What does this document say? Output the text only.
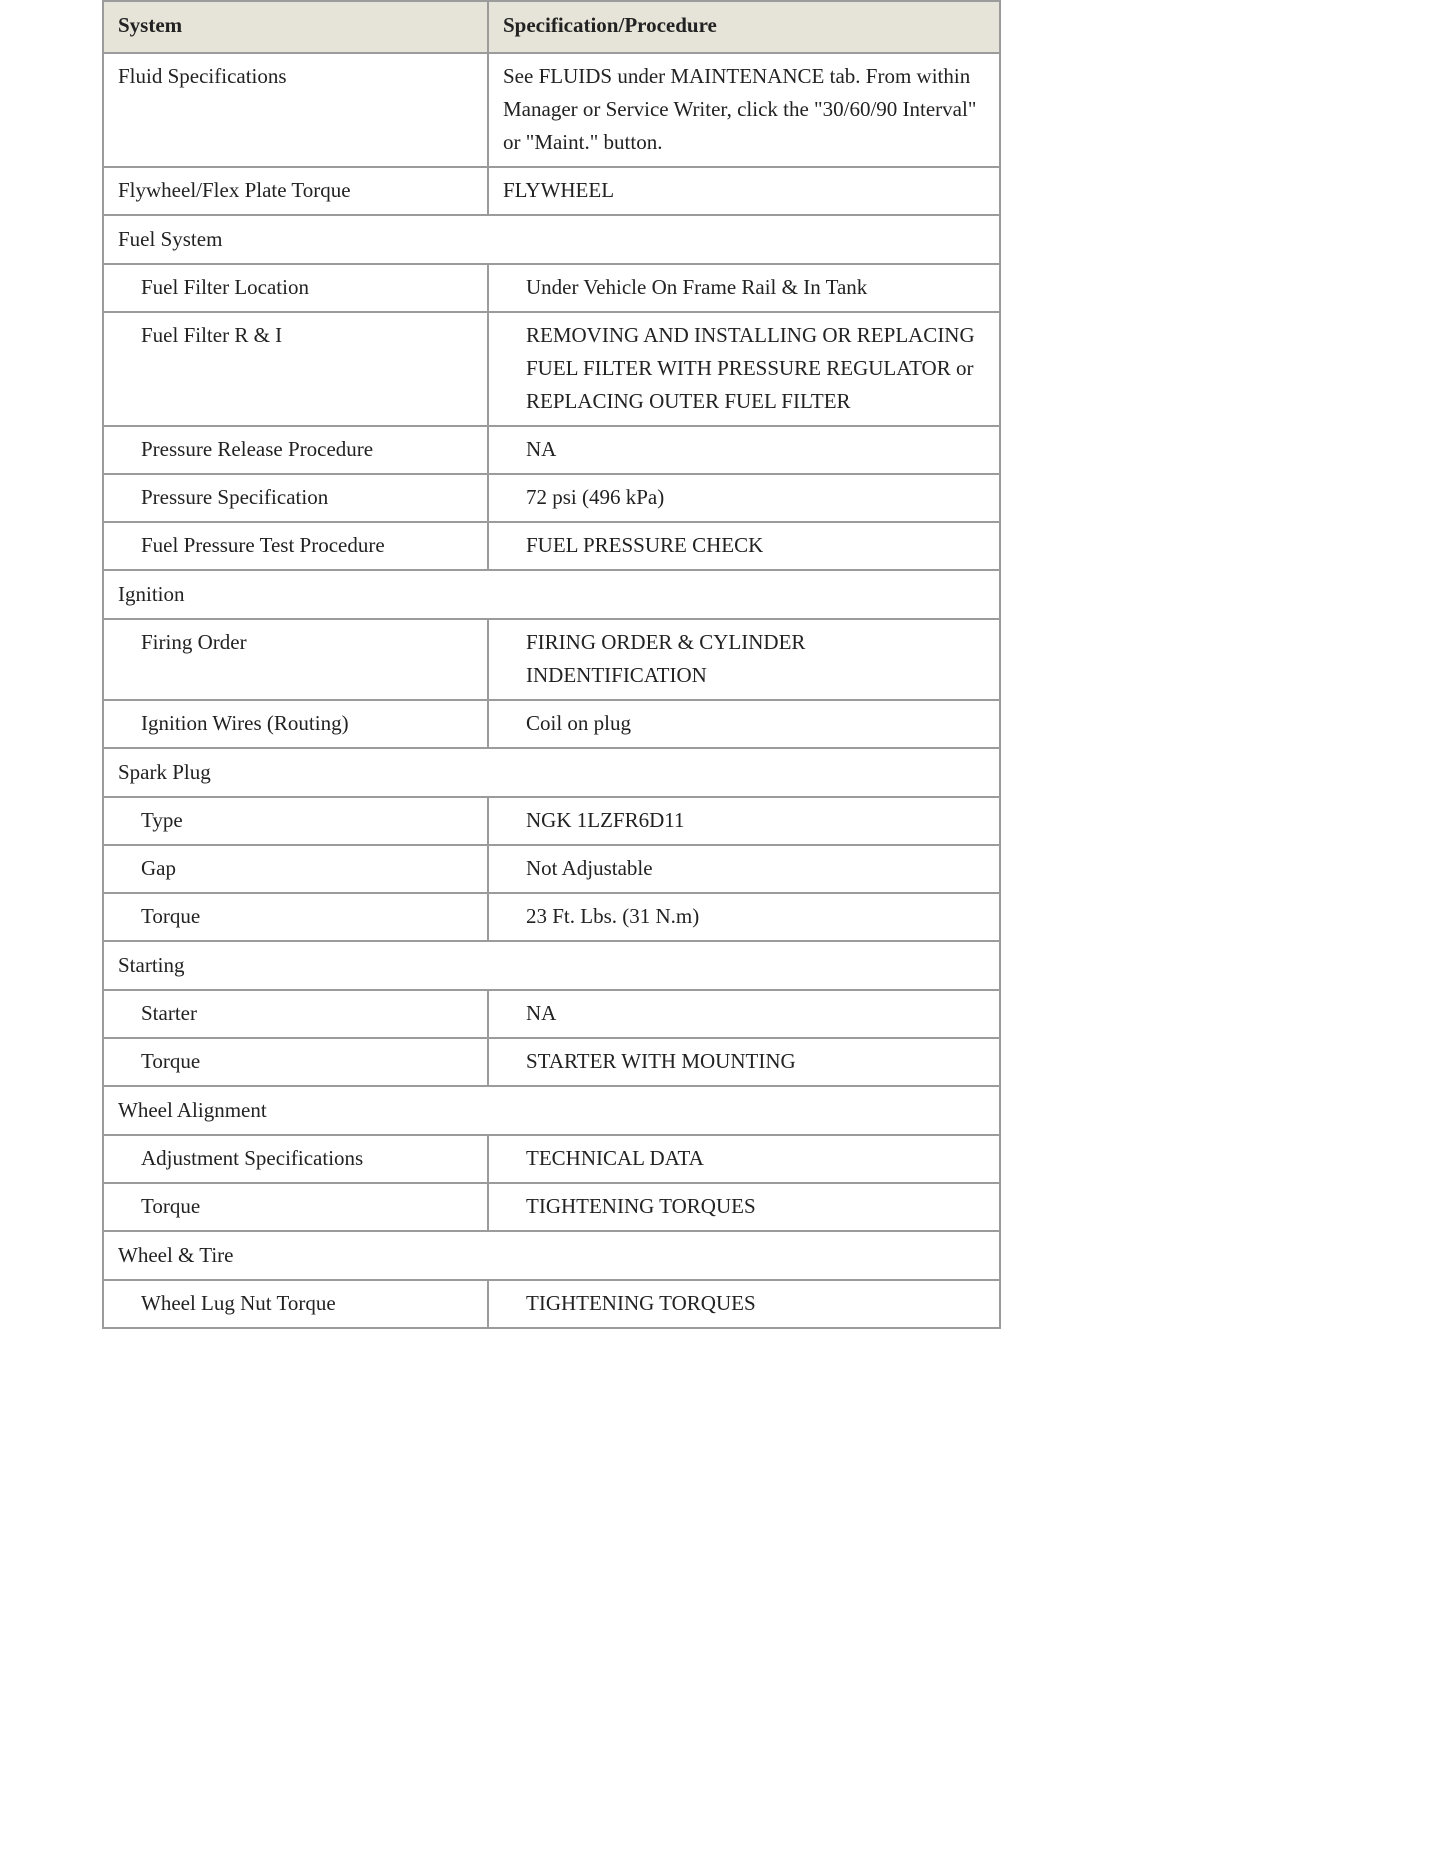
System	Specification/Procedure
Fluid Specifications	See FLUIDS under MAINTENANCE tab. From within Manager or Service Writer, click the "30/60/90 Interval" or "Maint." button.
Flywheel/Flex Plate Torque	FLYWHEEL
Fuel System	
Fuel Filter Location	Under Vehicle On Frame Rail & In Tank
Fuel Filter R & I	REMOVING AND INSTALLING OR REPLACING FUEL FILTER WITH PRESSURE REGULATOR or REPLACING OUTER FUEL FILTER
Pressure Release Procedure	NA
Pressure Specification	72 psi (496 kPa)
Fuel Pressure Test Procedure	FUEL PRESSURE CHECK
Ignition	
Firing Order	FIRING ORDER & CYLINDER INDENTIFICATION
Ignition Wires (Routing)	Coil on plug
Spark Plug	
Type	NGK 1LZFR6D11
Gap	Not Adjustable
Torque	23 Ft. Lbs. (31 N.m)
Starting	
Starter	NA
Torque	STARTER WITH MOUNTING
Wheel Alignment	
Adjustment Specifications	TECHNICAL DATA
Torque	TIGHTENING TORQUES
Wheel & Tire	
Wheel Lug Nut Torque	TIGHTENING TORQUES
